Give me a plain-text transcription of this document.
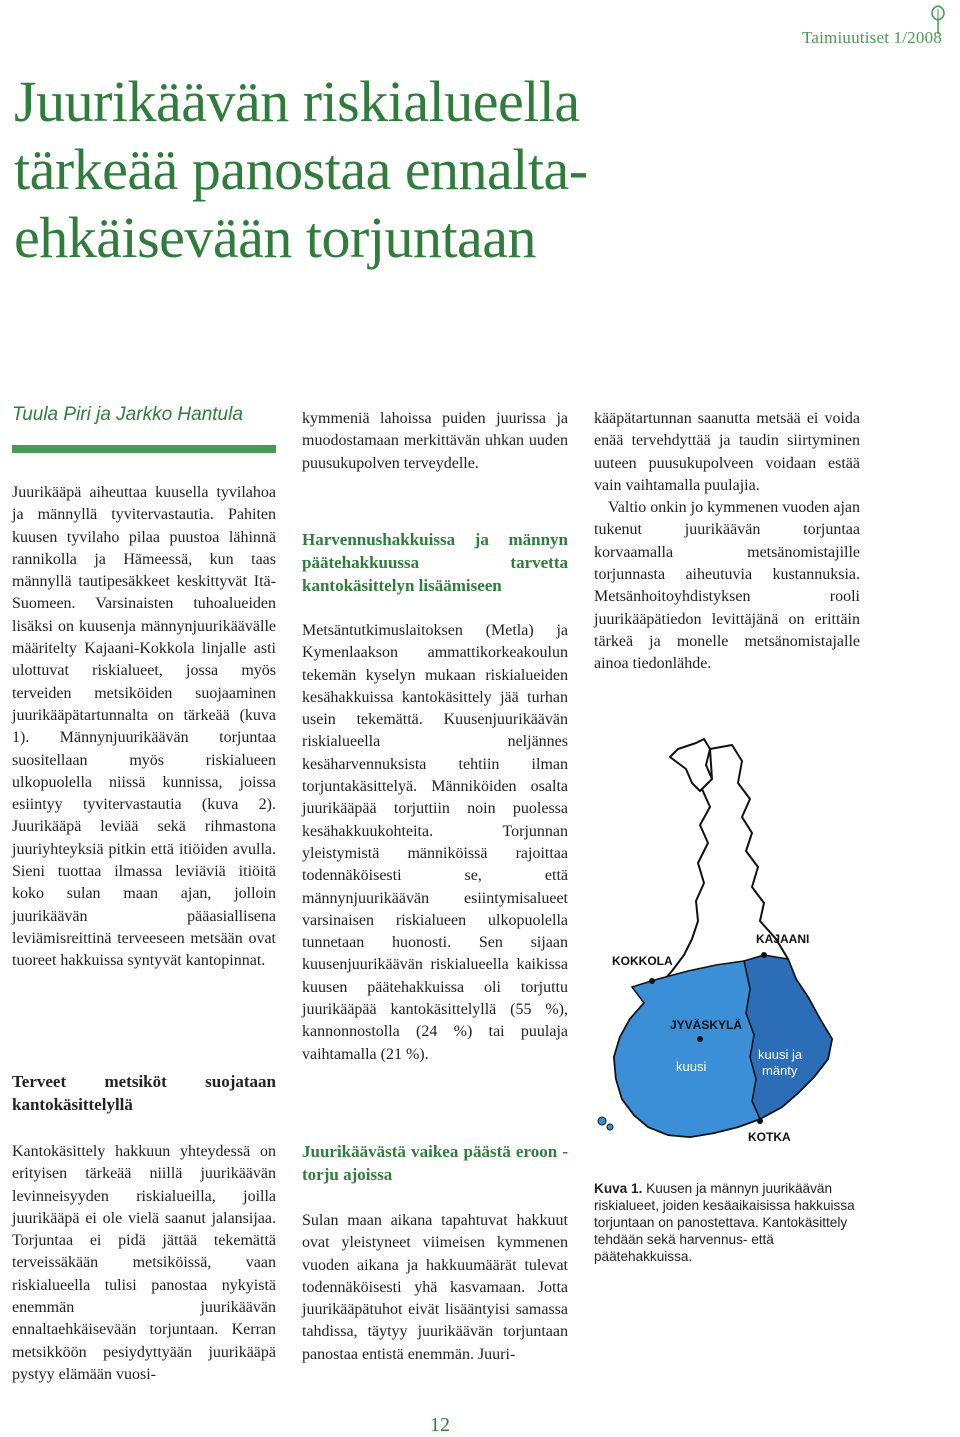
Taimiuutiset 1/2008
Juurikäävän riskialueella
tärkeää panostaa ennalta-
ehkäisevään torjuntaan
Tuula Piri ja Jarkko Hantula

Juurikääpä aiheuttaa kuusella tyvilahoa ja männyllä tyvitervastautia. Pahiten kuusen tyvilaho pilaa puustoa lähinnä rannikolla ja Hämeessä, kun taas männyllä tautipesäkkeet keskittyvät Itä-Suomeen. Varsinaisten tuhoalueiden lisäksi on kuusenja männynjuurikäävälle määritelty Kajaani-Kokkola linjalle asti ulottuvat riskialueet, jossa myös terveiden metsiköiden suojaaminen juurikääpätartunnalta on tärkeää (kuva 1). Männynjuurikäävän torjuntaa suositellaan myös riskialueen ulkopuolella niissä kunnissa, joissa esiintyy tyvitervastautia (kuva 2). Juurikääpä leviää sekä rihmastona juuriyhteyksiä pitkin että itiöiden avulla. Sieni tuottaa ilmassa leviäviä itiöitä koko sulan maan ajan, jolloin juurikäävän pääasiallisena leviämisreittinä terveeseen metsään ovat tuoreet hakkuissa syntyvät kantopinnat.

Terveet metsiköt suojataan kantokäsittelyllä

Kantokäsittely hakkuun yhteydessä on erityisen tärkeää niillä juurikäävän levinneisyyden riskialueilla, joilla juurikääpä ei ole vielä saanut jalansijaa. Torjuntaa ei pidä jättää tekemättä terveissäkään metsiköissä, vaan riskialueella tulisi panostaa nykyistä enemmän juurikäävän ennaltaehkäisevään torjuntaan. Kerran metsikköön pesiydyttyään juurikääpä pystyy elämään vuosi-

kymmeniä lahoissa puiden juurissa ja muodostamaan merkittävän uhkan uuden puusukupolven terveydelle.

Harvennushakkuissa ja männyn päätehakkuussa tarvetta kantokäsittelyn lisäämiseen

Metsäntutkimuslaitoksen (Metla) ja Kymenlaakson ammattikorkeakoulun tekemän kyselyn mukaan riskialueiden kesähakkuissa kantokäsittely jää turhan usein tekemättä. Kuusenjuurikäävän riskialueella neljännes kesäharvennuksista tehtiin ilman torjuntakäsittelyä. Männiköiden osalta juurikääpää torjuttiin noin puolessa kesähakkuukohteita. Torjunnan yleistymistä männiköissä rajoittaa todennäköisesti se, että männynjuurikäävän esiintymisalueet varsinaisen riskialueen ulkopuolella tunnetaan huonosti. Sen sijaan kuusenjuurikäävän riskialueella kaikissa kuusen päätehakkuissa oli torjuttu juurikääpää kantokäsittelyllä (55 %), kannonnostolla (24 %) tai puulaja vaihtamalla (21 %).

Juurikäävästä vaikea päästä eroon - torju ajoissa

Sulan maan aikana tapahtuvat hakkuut ovat yleistyneet viimeisen kymmenen vuoden aikana ja hakkuumäärät tulevat todennäköisesti yhä kasvamaan. Jotta juurikääpätuhot eivät lisääntyisi samassa tahdissa, täytyy juurikäävän torjuntaan panostaa entistä enemmän. Juuri-

kääpätartunnan saanutta metsää ei voida enää tervehdyttää ja taudin siirtyminen uuteen puusukupolveen voidaan estää vain vaihtamalla puulajia.

Valtio onkin jo kymmenen vuoden ajan tukenut juurikäävän torjuntaa korvaamalla metsänomistajille torjunnasta aiheutuvia kustannuksia. Metsänhoitoyhdistyksen rooli juurikääpätiedon levittäjänä on erittäin tärkeä ja monelle metsänomistajalle ainoa tiedonlähde.

KOKKOLA
KAJAANI
JYVÄSKYLÄ
kuusi
kuusi ja
mänty
KOTKA
Kuva 1. Kuusen ja männyn juurikäävän riskialueet, joiden kesäaikaisissa hakkuissa torjuntaan on panostettava. Kantokäsittely tehdään sekä harvennus- että päätehakkuissa.
12
